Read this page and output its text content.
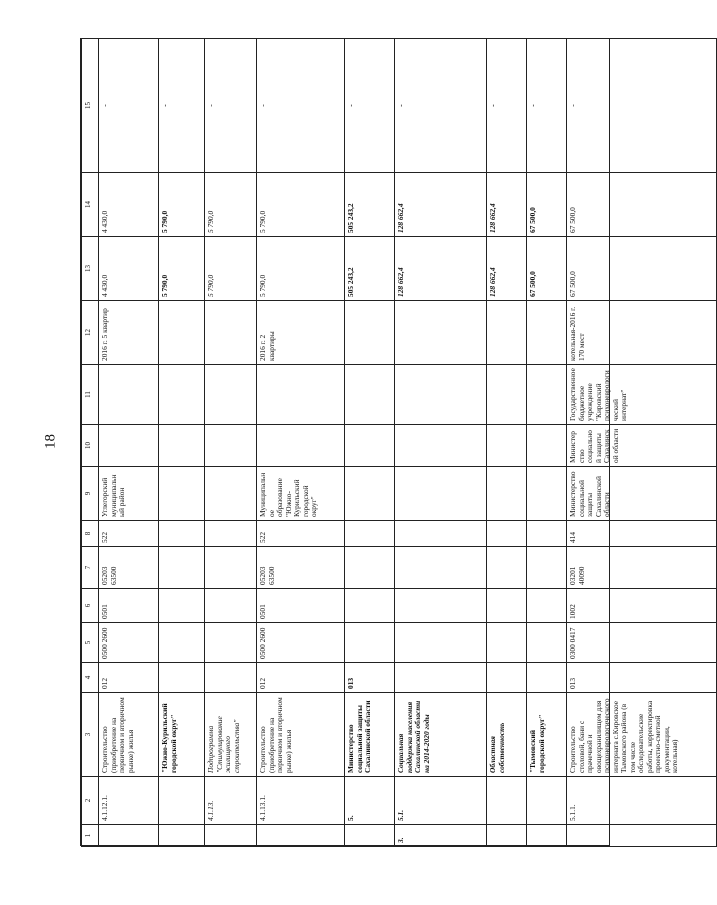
18
1	2	3	4	5	6	7	8	9	10	11	12	13	14	15
	4.1.12.1.	Строительство (приобретение на первичном и вторичном рынке) жилья	012	0500 2600	0501	05203 63500	522	Углегорский муниципальный район			2016 г. 5 квартир	4 430,0	4 430,0	-
		"Южно-Курильский городской округ"										5 790,0	5 790,0	-
	4.1.13.	Подпрограмма "Стимулирование жилищного строительства"										5 790,0	5 790,0	-
	4.1.13.1.	Строительство (приобретение на первичном и вторичном рынке) жилья	012	0500 2600	0501	05203 63500	522	Муниципальное образование "Южно-Курильский городской округ"			2016 г. 2 квартиры	5 790,0	5 790,0	-
	5.	Министерство социальной защиты Сахалинской области	013									505 243,2	505 243,2	-
3.	5.1.	Социальная поддержка населения Сахалинской области на 2014-2020 годы										128 662,4	128 662,4	-
		Областная собственность										128 662,4	128 662,4	-
		"Тымовский городской округ"										67 500,0	67 500,0	-
	5.1.1.	Строительство столовой, бани с прачечной и овощехранилищем для психоневрологического интерната с.Кировское Тымовского района (в том числе обследовательские работы, корректировка проектно-сметной документации, котельная)	013	0300 0417	1002	03201 40090	414	Министерство социальной защиты Сахалинской области	Министерство социальной защиты Сахалинской области	Государственное бюджетное учреждение "Кировский психоневрологический интернат"	котельная-2016 г. 170 мест	67 500,0	67 500,0	-
